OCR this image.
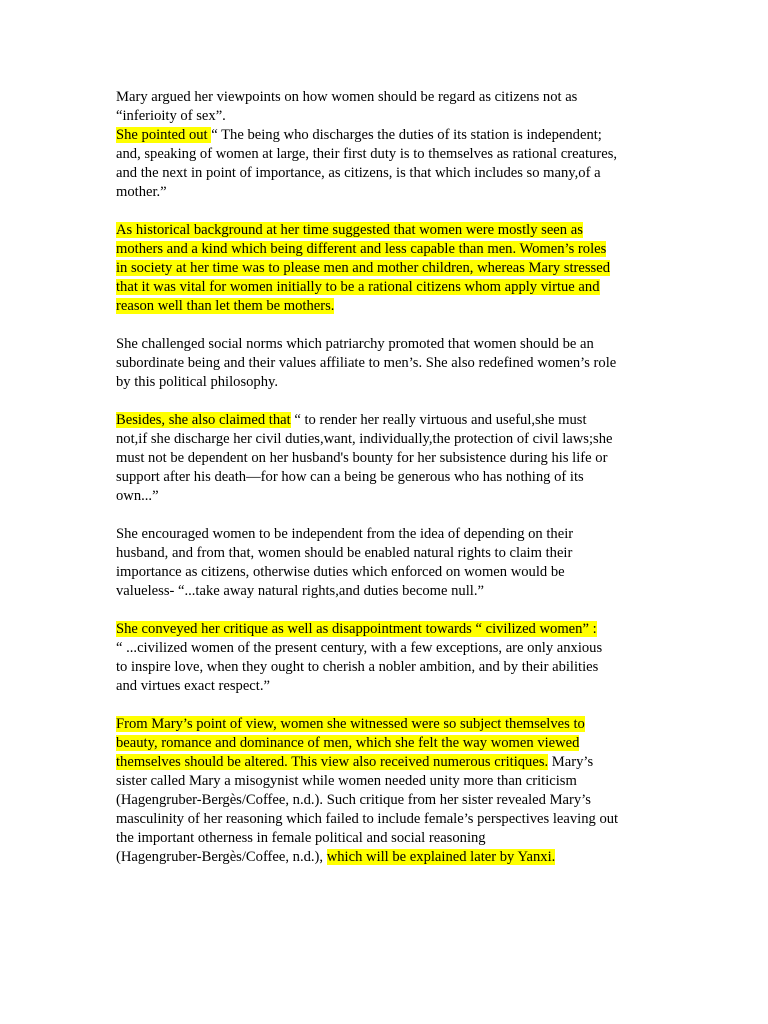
Mary argued her viewpoints on how women should be regard as citizens not as
“inferioity of sex”.
She pointed out “ The being who discharges the duties of its station is independent;
and, speaking of women at large, their first duty is to themselves as rational creatures,
and the next in point of importance, as citizens, is that which includes so many,of a
mother.”
As historical background at her time suggested that women were mostly seen as
mothers and a kind which being different and less capable than men. Women’s roles
in society at her time was to please men and mother children, whereas Mary stressed
that it was vital for women initially to be a rational citizens whom apply virtue and
reason well than let them be mothers.
She challenged social norms which patriarchy promoted that women should be an
subordinate being and their values affiliate to men’s. She also redefined women’s role
by this political philosophy.
Besides, she also claimed that “ to render her really virtuous and useful,she must
not,if she discharge her civil duties,want, individually,the protection of civil laws;she
must not be dependent on her husband's bounty for her subsistence during his life or
support after his death—for how can a being be generous who has nothing of its
own...”
She encouraged women to be independent from the idea of depending on their
husband, and from that, women should be enabled natural rights to claim their
importance as citizens, otherwise duties which enforced on women would be
valueless- “...take away natural rights,and duties become null.”
She conveyed her critique as well as disappointment towards “ civilized women” :
“ ...civilized women of the present century, with a few exceptions, are only anxious
to inspire love, when they ought to cherish a nobler ambition, and by their abilities
and virtues exact respect.”
From Mary’s point of view, women she witnessed were so subject themselves to
beauty, romance and dominance of men, which she felt the way women viewed
themselves should be altered. This view also received numerous critiques. Mary’s
sister called Mary a misogynist while women needed unity more than criticism
(Hagengruber-Bergès/Coffee, n.d.). Such critique from her sister revealed Mary’s
masculinity of her reasoning which failed to include female’s perspectives leaving out
the important otherness in female political and social reasoning
(Hagengruber-Bergès/Coffee, n.d.), which will be explained later by Yanxi.
